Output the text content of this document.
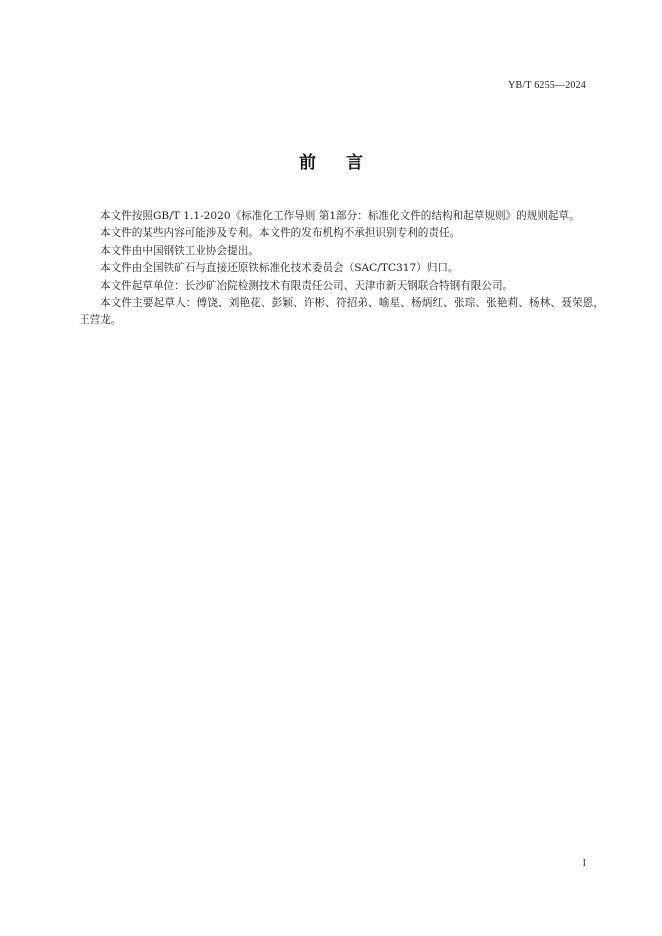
YB/T 6255—2024
前言

本文件按照GB/T 1.1-2020《标准化工作导则 第1部分：标准化文件的结构和起草规则》的规则起草。

本文件的某些内容可能涉及专利。本文件的发布机构不承担识别专利的责任。

本文件由中国钢铁工业协会提出。

本文件由全国铁矿石与直接还原铁标准化技术委员会（SAC/TC317）归口。

本文件起草单位：长沙矿冶院检测技术有限责任公司、天津市新天钢联合特钢有限公司。

本文件主要起草人：傅饶、刘艳花、彭颖、许彬、符招弟、喻星、杨炳红、张琮、张艳莉、杨林、聂荣恩，王营龙。

I
